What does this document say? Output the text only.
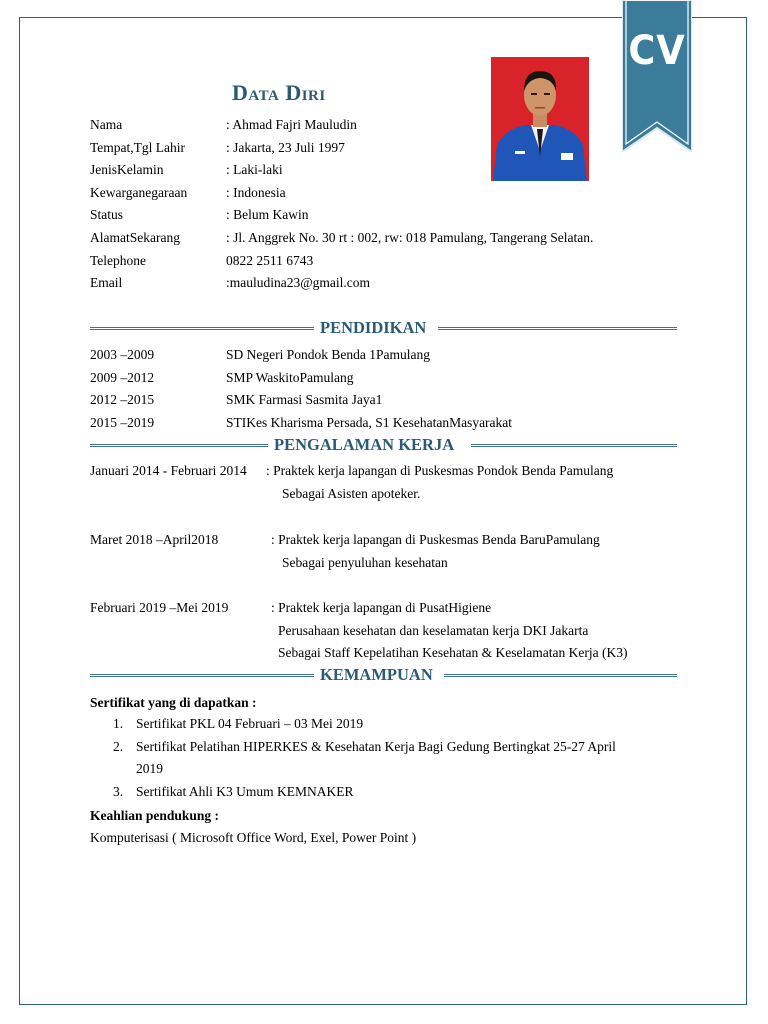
CV
Data Diri
Nama	: Ahmad Fajri Mauludin
Tempat,Tgl Lahir	: Jakarta, 23 Juli 1997
JenisKelamin	: Laki-laki
Kewarganegaraan	: Indonesia
Status	: Belum Kawin
AlamatSekarang	: Jl. Anggrek No. 30 rt : 002, rw: 018 Pamulang, Tangerang Selatan.
Telephone	0822 2511 6743
Email	:mauludina23@gmail.com
PENDIDIKAN
2003 –2009	SD Negeri Pondok Benda 1Pamulang
2009 –2012	SMP WaskitoPamulang
2012 –2015	SMK Farmasi Sasmita Jaya1
2015 –2019	STIKes Kharisma Persada, S1 KesehatanMasyarakat
PENGALAMAN KERJA
Januari 2014 - Februari 2014 : Praktek kerja lapangan di Puskesmas Pondok Benda Pamulang
Sebagai Asisten apoteker.
Maret 2018 –April2018	: Praktek kerja lapangan di Puskesmas Benda BaruPamulang
Sebagai penyuluhan kesehatan
Februari 2019 –Mei 2019	: Praktek kerja lapangan di PusatHigiene
Perusahaan kesehatan dan keselamatan kerja DKI Jakarta
Sebagai Staff Kepelatihan Kesehatan & Keselamatan Kerja (K3)
KEMAMPUAN
Sertifikat yang di dapatkan :
1. Sertifikat PKL 04 Februari – 03 Mei 2019
2. Sertifikat Pelatihan HIPERKES & Kesehatan Kerja Bagi Gedung Bertingkat 25-27 April
2019
3. Sertifikat Ahli K3 Umum KEMNAKER
Keahlian pendukung :
Komputerisasi ( Microsoft Office Word, Exel, Power Point )
